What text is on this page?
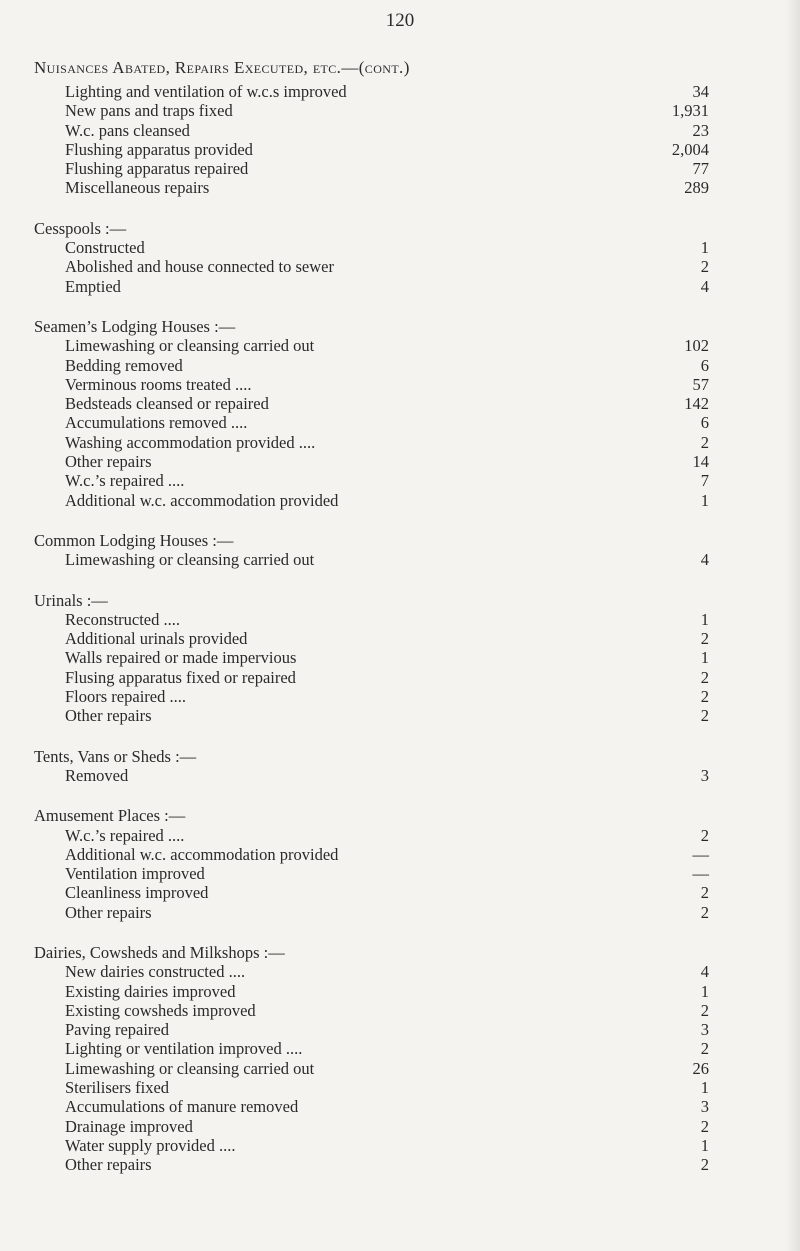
120
Nuisances Abated, Repairs Executed, etc.—(cont.)
Lighting and ventilation of w.c.s improved	34
New pans and traps fixed	1,931
W.c. pans cleansed	23
Flushing apparatus provided	2,004
Flushing apparatus repaired	77
Miscellaneous repairs	289
Cesspools :—
Constructed	1
Abolished and house connected to sewer	2
Emptied	4
Seamen’s Lodging Houses :—
Limewashing or cleansing carried out	102
Bedding removed	6
Verminous rooms treated ....	57
Bedsteads cleansed or repaired	142
Accumulations removed ....	6
Washing accommodation provided ....	2
Other repairs	14
W.c.’s repaired ....	7
Additional w.c. accommodation provided	1
Common Lodging Houses :—
Limewashing or cleansing carried out	4
Urinals :—
Reconstructed ....	1
Additional urinals provided	2
Walls repaired or made impervious	1
Flusing apparatus fixed or repaired	2
Floors repaired ....	2
Other repairs	2
Tents, Vans or Sheds :—
Removed	3
Amusement Places :—
W.c.’s repaired ....	2
Additional w.c. accommodation provided	—
Ventilation improved	—
Cleanliness improved	2
Other repairs	2
Dairies, Cowsheds and Milkshops :—
New dairies constructed ....	4
Existing dairies improved	1
Existing cowsheds improved	2
Paving repaired	3
Lighting or ventilation improved ....	2
Limewashing or cleansing carried out	26
Sterilisers fixed	1
Accumulations of manure removed	3
Drainage improved	2
Water supply provided ....	1
Other repairs	2
